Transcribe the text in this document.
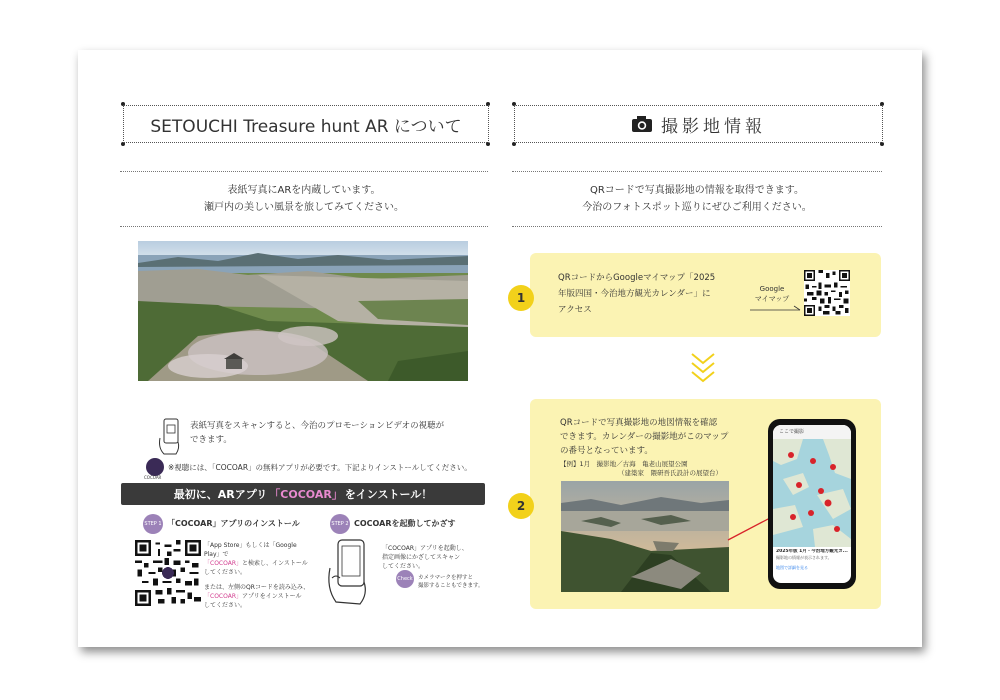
SETOUCHI Treasure hunt AR について	撮影地情報
表紙写真にARを内蔵しています。
瀬戸内の美しい風景を旅してみてください。
QRコードで写真撮影地の情報を取得できます。
今治のフォトスポット巡りにぜひご利用ください。
表紙写真をスキャンすると、今治のプロモーションビデオの視聴が
できます。
COCOAR
※視聴には、「COCOAR」の無料アプリが必要です。下記よりインストールしてください。
最初に、ARアプリ 「COCOAR」 をインストール！
STEP 1 「COCOAR」アプリのインストール
「App Store」もしくは「Google Play」で
「COCOAR」と検索し、インストール
してください。
または、左側のQRコードを読み込み、
「COCOAR」アプリをインストール
してください。
STEP 2 COCOARを起動してかざす
「COCOAR」アプリを起動し、
指定画像にかざしてスキャン
してください。
Check カメラマークを押すと
撮影することもできます。
1
QRコードからGoogleマイマップ「2025
年版四国・今治地方観光カレンダー」に
アクセス
Google
マイマップ
2
QRコードで写真撮影地の地図情報を確認
できます。カレンダーの撮影地がこのマップ
の番号となっています。
【例】1月　撮影地／古海　亀老山展望公園
（建築家　隈研吾氏設計の展望台）
ここで撮影
2025年版 1月・今治地方観光カ...
撮影地の情報が表示されます。
地図で詳細を見る
